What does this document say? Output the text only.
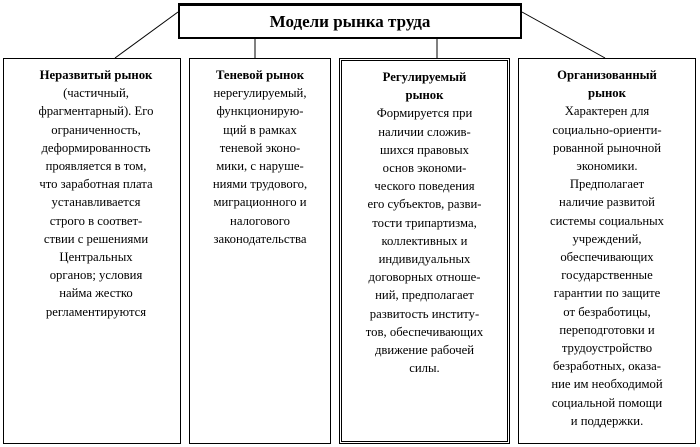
Модели рынка труда
Неразвитый рынок
(частичный,
фрагментарный). Его
ограниченность,
деформированность
проявляется в том,
что заработная плата
устанавливается
строго в соответ-
ствии с решениями
Центральных
органов; условия
найма жестко
регламентируются
Теневой рынок
нерегулируемый,
функционирую-
щий в рамках
теневой эконо-
мики, с наруше-
ниями трудового,
миграционного и
налогового
законодательства
Регулируемый
рынок
Формируется при
наличии сложив-
шихся правовых
основ экономи-
ческого поведения
его субъектов, разви-
тости трипартизма,
коллективных и
индивидуальных
договорных отноше-
ний, предполагает
развитость институ-
тов, обеспечивающих
движение рабочей
силы.
Организованный
рынок
Характерен для
социально-ориенти-
рованной рыночной
экономики.
Предполагает
наличие развитой
системы социальных
учреждений,
обеспечивающих
государственные
гарантии по защите
от безработицы,
переподготовки и
трудоустройство
безработных, оказа-
ние им необходимой
социальной помощи
и поддержки.
